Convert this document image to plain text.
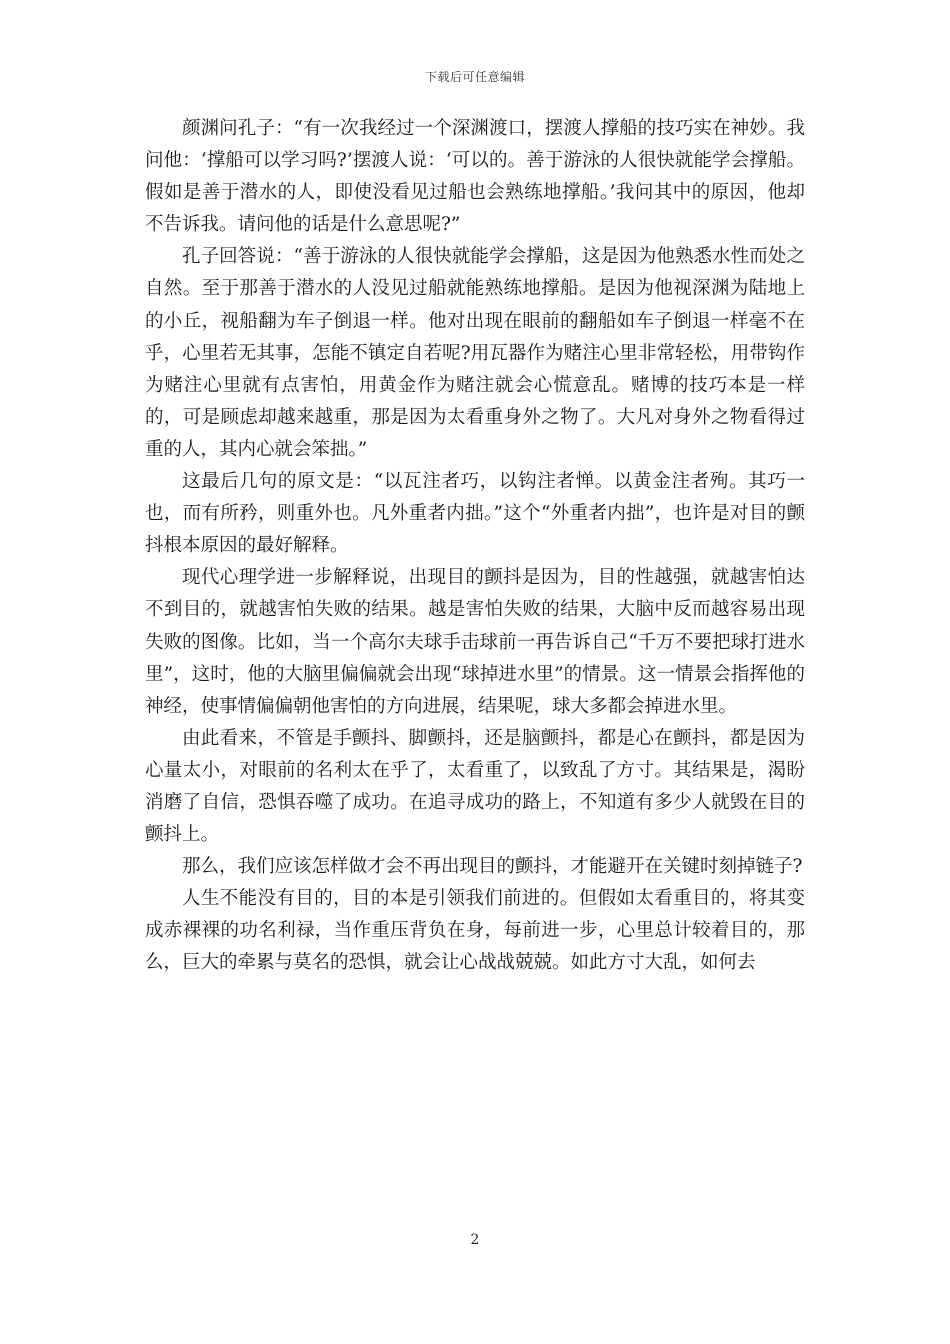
下载后可任意编辑

颜渊问孔子：“有一次我经过一个深渊渡口，摆渡人撑船的技巧实在神妙。我问他：‘撑船可以学习吗?’摆渡人说：‘可以的。善于游泳的人很快就能学会撑船。假如是善于潜水的人，即使没看见过船也会熟练地撑船。’我问其中的原因，他却不告诉我。请问他的话是什么意思呢?”

孔子回答说：“善于游泳的人很快就能学会撑船，这是因为他熟悉水性而处之自然。至于那善于潜水的人没见过船就能熟练地撑船。是因为他视深渊为陆地上的小丘，视船翻为车子倒退一样。他对出现在眼前的翻船如车子倒退一样毫不在乎，心里若无其事，怎能不镇定自若呢?用瓦器作为赌注心里非常轻松，用带钩作为赌注心里就有点害怕，用黄金作为赌注就会心慌意乱。赌博的技巧本是一样的，可是顾虑却越来越重，那是因为太看重身外之物了。大凡对身外之物看得过重的人，其内心就会笨拙。”

这最后几句的原文是：“以瓦注者巧，以钩注者惮。以黄金注者殉。其巧一也，而有所矜，则重外也。凡外重者内拙。”这个“外重者内拙”，也许是对目的颤抖根本原因的最好解释。

现代心理学进一步解释说，出现目的颤抖是因为，目的性越强，就越害怕达不到目的，就越害怕失败的结果。越是害怕失败的结果，大脑中反而越容易出现失败的图像。比如，当一个高尔夫球手击球前一再告诉自己“千万不要把球打进水里”，这时，他的大脑里偏偏就会出现“球掉进水里”的情景。这一情景会指挥他的神经，使事情偏偏朝他害怕的方向进展，结果呢，球大多都会掉进水里。

由此看来，不管是手颤抖、脚颤抖，还是脑颤抖，都是心在颤抖，都是因为心量太小，对眼前的名利太在乎了，太看重了，以致乱了方寸。其结果是，渴盼消磨了自信，恐惧吞噬了成功。在追寻成功的路上，不知道有多少人就毁在目的颤抖上。

那么，我们应该怎样做才会不再出现目的颤抖，才能避开在关键时刻掉链子?

人生不能没有目的，目的本是引领我们前进的。但假如太看重目的，将其变成赤裸裸的功名利禄，当作重压背负在身，每前进一步，心里总计较着目的，那么，巨大的牵累与莫名的恐惧，就会让心战战兢兢。如此方寸大乱，如何去

2
